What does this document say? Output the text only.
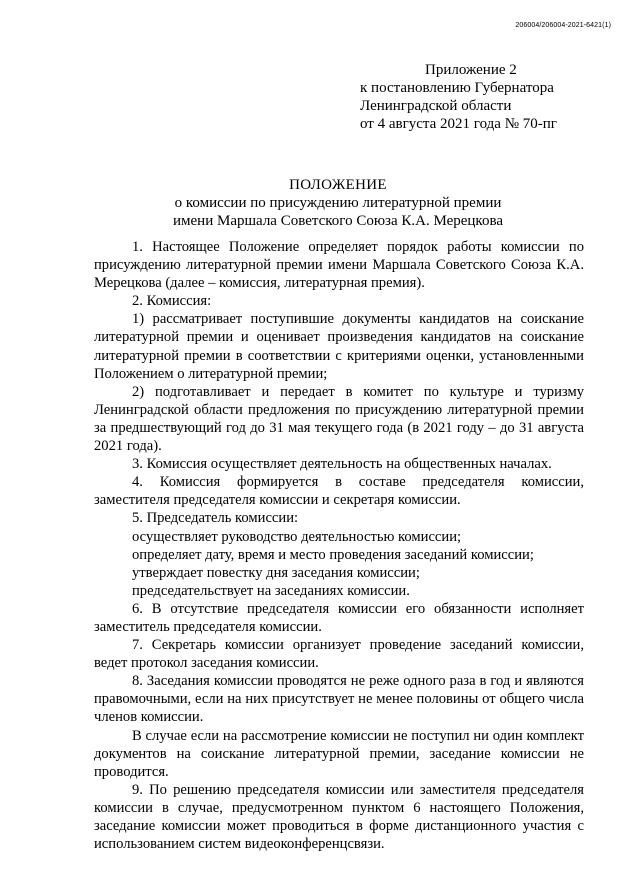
206004/206004-2021-6421(1)
Приложение 2
к постановлению Губернатора
Ленинградской области
от 4 августа 2021 года № 70-пг
ПОЛОЖЕНИЕ
о комиссии по присуждению литературной премии
имени Маршала Советского Союза К.А. Мерецкова

1. Настоящее Положение определяет порядок работы комиссии по присуждению литературной премии имени Маршала Советского Союза К.А. Мерецкова (далее – комиссия, литературная премия).

2. Комиссия:

1) рассматривает поступившие документы кандидатов на соискание литературной премии и оценивает произведения кандидатов на соискание литературной премии в соответствии с критериями оценки, установленными Положением о литературной премии;

2) подготавливает и передает в комитет по культуре и туризму Ленинградской области предложения по присуждению литературной премии за предшествующий год до 31 мая текущего года (в 2021 году – до 31 августа 2021 года).

3. Комиссия осуществляет деятельность на общественных началах.

4. Комиссия формируется в составе председателя комиссии, заместителя председателя комиссии и секретаря комиссии.

5. Председатель комиссии:

осуществляет руководство деятельностью комиссии;

определяет дату, время и место проведения заседаний комиссии;

утверждает повестку дня заседания комиссии;

председательствует на заседаниях комиссии.

6. В отсутствие председателя комиссии его обязанности исполняет заместитель председателя комиссии.

7. Секретарь комиссии организует проведение заседаний комиссии, ведет протокол заседания комиссии.

8. Заседания комиссии проводятся не реже одного раза в год и являются правомочными, если на них присутствует не менее половины от общего числа членов комиссии.

В случае если на рассмотрение комиссии не поступил ни один комплект документов на соискание литературной премии, заседание комиссии не проводится.

9. По решению председателя комиссии или заместителя председателя комиссии в случае, предусмотренном пунктом 6 настоящего Положения, заседание комиссии может проводиться в форме дистанционного участия с использованием систем видеоконференцсвязи.
